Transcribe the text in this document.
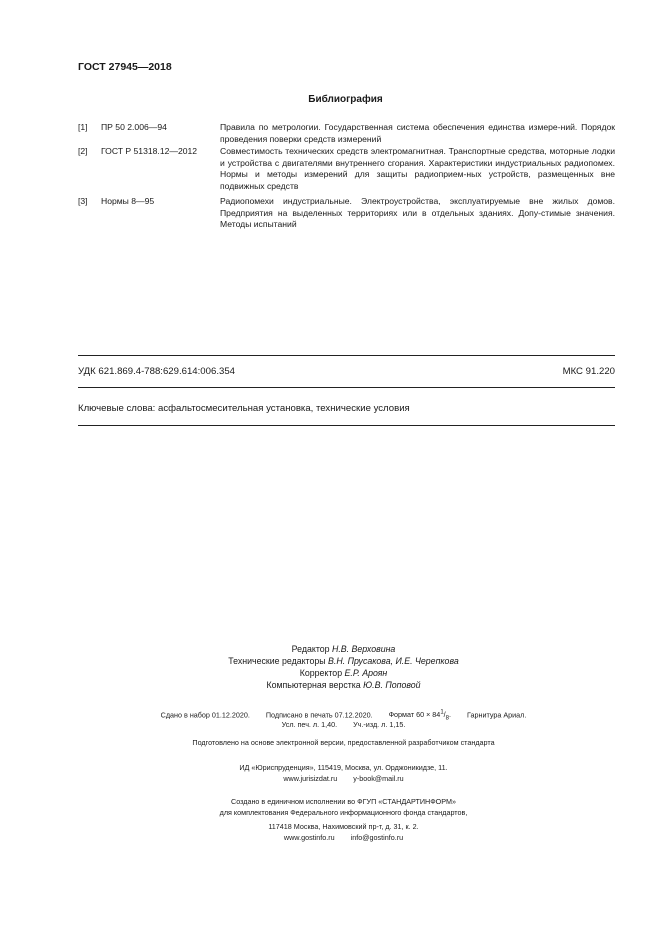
ГОСТ 27945—2018
Библиография
[1] ПР 50 2.006—94	Правила по метрологии. Государственная система обеспечения единства измере-ний. Порядок проведения поверки средств измерений
[2] ГОСТ Р 51318.12—2012	Совместимость технических средств электромагнитная. Транспортные средства, моторные лодки и устройства с двигателями внутреннего сгорания. Характеристики индустриальных радиопомех. Нормы и методы измерений для защиты радиоприем-ных устройств, размещенных вне подвижных средств
[3] Нормы 8—95	Радиопомехи индустриальные. Электроустройства, эксплуатируемые вне жилых домов. Предприятия на выделенных территориях или в отдельных зданиях. Допу-стимые значения. Методы испытаний
УДК 621.869.4-788:629.614:006.354	МКС 91.220
Ключевые слова: асфальтосмесительная установка, технические условия
Редактор Н.В. Верховина
Технические редакторы В.Н. Прусакова, И.Е. Черепкова
Корректор Е.Р. Ароян
Компьютерная верстка Ю.В. Поповой
Сдано в набор 01.12.2020. Подписано в печать 07.12.2020. Формат $60 \times 84^1/_8$. Гарнитура Ариал.
Усл. печ. л. 1,40. Уч.-изд. л. 1,15.
Подготовлено на основе электронной версии, предоставленной разработчиком стандарта
ИД «Юриспруденция», 115419, Москва, ул. Орджоникидзе, 11.
www.jurisizdat.ru y-book@mail.ru
Создано в единичном исполнении во ФГУП «СТАНДАРТИНФОРМ»
для комплектования Федерального информационного фонда стандартов,
117418 Москва, Нахимовский пр-т, д. 31, к. 2.
www.gostinfo.ru info@gostinfo.ru
